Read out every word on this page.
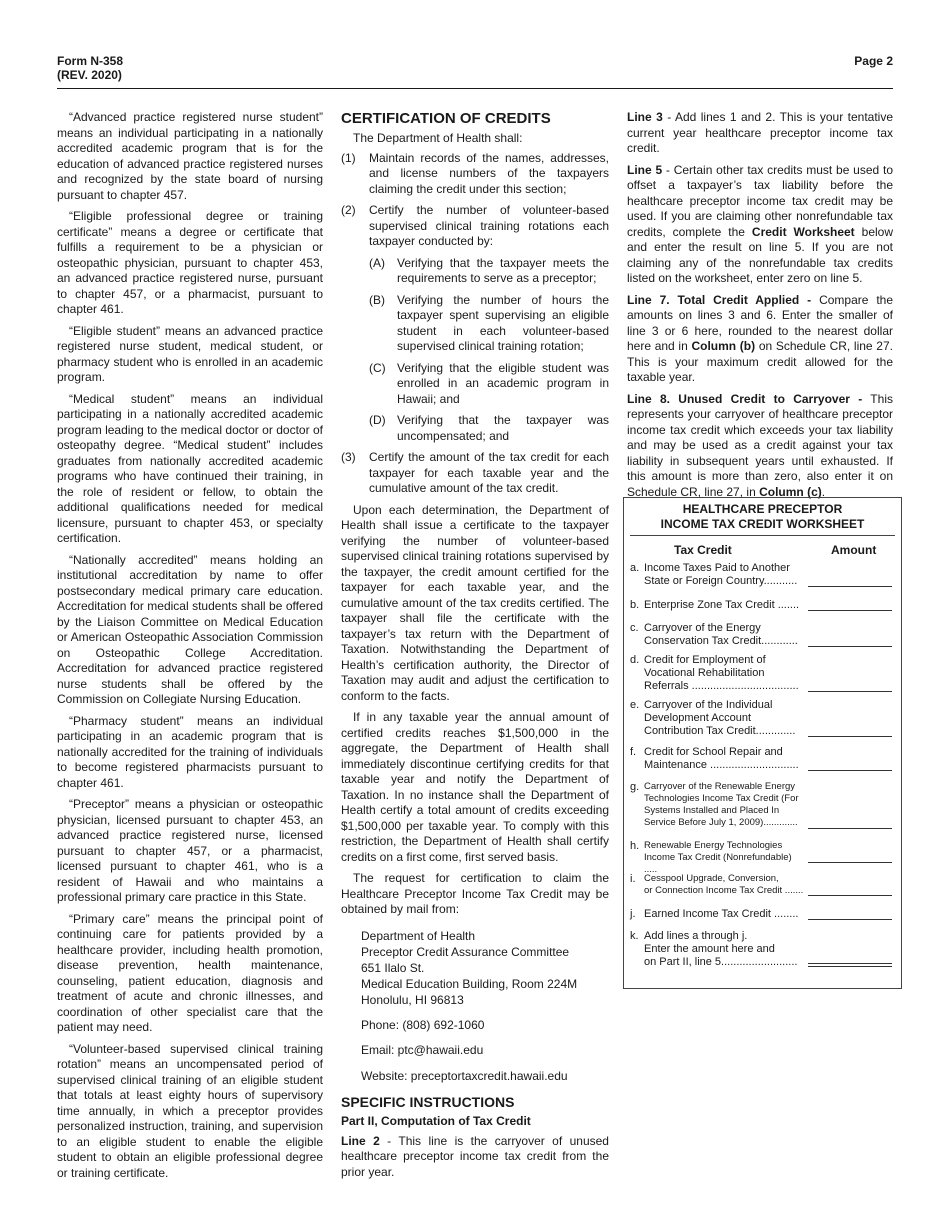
Form N-358
(REV. 2020)
Page 2

“Advanced practice registered nurse student” means an individual participating in a nationally accredited academic program that is for the education of advanced practice registered nurses and recognized by the state board of nursing pursuant to chapter 457.

“Eligible professional degree or training certificate” means a degree or certificate that fulfills a requirement to be a physician or osteopathic physician, pursuant to chapter 453, an advanced practice registered nurse, pursuant to chapter 457, or a pharmacist, pursuant to chapter 461.

“Eligible student” means an advanced practice registered nurse student, medical student, or pharmacy student who is enrolled in an academic program.

“Medical student” means an individual participating in a nationally accredited academic program leading to the medical doctor or doctor of osteopathy degree. “Medical student” includes graduates from nationally accredited academic programs who have continued their training, in the role of resident or fellow, to obtain the additional qualifications needed for medical licensure, pursuant to chapter 453, or specialty certification.

“Nationally accredited” means holding an institutional accreditation by name to offer postsecondary medical primary care education. Accreditation for medical students shall be offered by the Liaison Committee on Medical Education or American Osteopathic Association Commission on Osteopathic College Accreditation. Accreditation for advanced practice registered nurse students shall be offered by the Commission on Collegiate Nursing Education.

“Pharmacy student” means an individual participating in an academic program that is nationally accredited for the training of individuals to become registered pharmacists pursuant to chapter 461.

“Preceptor” means a physician or osteopathic physician, licensed pursuant to chapter 453, an advanced practice registered nurse, licensed pursuant to chapter 457, or a pharmacist, licensed pursuant to chapter 461, who is a resident of Hawaii and who maintains a professional primary care practice in this State.

“Primary care” means the principal point of continuing care for patients provided by a healthcare provider, including health promotion, disease prevention, health maintenance, counseling, patient education, diagnosis and treatment of acute and chronic illnesses, and coordination of other specialist care that the patient may need.

“Volunteer-based supervised clinical training rotation” means an uncompensated period of supervised clinical training of an eligible student that totals at least eighty hours of supervisory time annually, in which a preceptor provides personalized instruction, training, and supervision to an eligible student to enable the eligible student to obtain an eligible professional degree or training certificate.

CERTIFICATION OF CREDITS

The Department of Health shall:

(1)	Maintain records of the names, addresses, and license numbers of the taxpayers claiming the credit under this section;
(2)	Certify the number of volunteer-based supervised clinical training rotations each taxpayer conducted by:
(A)	Verifying that the taxpayer meets the requirements to serve as a preceptor;
(B)	Verifying the number of hours the taxpayer spent supervising an eligible student in each volunteer-based supervised clinical training rotation;
(C) Verifying that the eligible student was enrolled in an academic program in Hawaii; and
(D) Verifying that the taxpayer was uncompensated; and
(3)	Certify the amount of the tax credit for each taxpayer for each taxable year and the cumulative amount of the tax credit.

Upon each determination, the Department of Health shall issue a certificate to the taxpayer verifying the number of volunteer-based supervised clinical training rotations supervised by the taxpayer, the credit amount certified for the taxpayer for each taxable year, and the cumulative amount of the tax credits certified. The taxpayer shall file the certificate with the taxpayer’s tax return with the Department of Taxation. Notwithstanding the Department of Health’s certification authority, the Director of Taxation may audit and adjust the certification to conform to the facts.

If in any taxable year the annual amount of certified credits reaches $1,500,000 in the aggregate, the Department of Health shall immediately discontinue certifying credits for that taxable year and notify the Department of Taxation. In no instance shall the Department of Health certify a total amount of credits exceeding $1,500,000 per taxable year. To comply with this restriction, the Department of Health shall certify credits on a first come, first served basis.

The request for certification to claim the Healthcare Preceptor Income Tax Credit may be obtained by mail from:

Department of Health
Preceptor Credit Assurance Committee
651 Ilalo St.
Medical Education Building, Room 224M
Honolulu, HI 96813
Phone: (808) 692-1060
Email: ptc@hawaii.edu
Website: preceptortaxcredit.hawaii.edu
SPECIFIC INSTRUCTIONS
Part II, Computation of Tax Credit

Line 2 - This line is the carryover of unused healthcare preceptor income tax credit from the prior year.

Line 3 - Add lines 1 and 2. This is your tentative current year healthcare preceptor income tax credit.

Line 5 - Certain other tax credits must be used to offset a taxpayer’s tax liability before the healthcare preceptor income tax credit may be used. If you are claiming other nonrefundable tax credits, complete the Credit Worksheet below and enter the result on line 5. If you are not claiming any of the nonrefundable tax credits listed on the worksheet, enter zero on line 5.

Line 7. Total Credit Applied - Compare the amounts on lines 3 and 6. Enter the smaller of line 3 or 6 here, rounded to the nearest dollar here and in Column (b) on Schedule CR, line 27. This is your maximum credit allowed for the taxable year.

Line 8. Unused Credit to Carryover - This represents your carryover of healthcare preceptor income tax credit which exceeds your tax liability and may be used as a credit against your tax liability in subsequent years until exhausted. If this amount is more than zero, also enter it on Schedule CR, line 27, in Column (c).

HEALTHCARE PRECEPTOR
INCOME TAX CREDIT WORKSHEET
Tax Credit	Amount
a. Income Taxes Paid to Another
State or Foreign Country...........
b. Enterprise Zone Tax Credit .......
c. Carryover of the Energy
Conservation Tax Credit............
d. Credit for Employment of
Vocational Rehabilitation
Referrals ...................................
e. Carryover of the Individual
Development Account
Contribution Tax Credit.............
f. Credit for School Repair and
Maintenance .............................
g. Carryover of the Renewable Energy
Technologies Income Tax Credit (For
Systems Installed and Placed In
Service Before July 1, 2009).............
h. Renewable Energy Technologies
Income Tax Credit (Nonrefundable) .....
i. Cesspool Upgrade, Conversion,
or Connection Income Tax Credit .......
j. Earned Income Tax Credit ........
k. Add lines a through j.
Enter the amount here and
on Part II, line 5.........................
